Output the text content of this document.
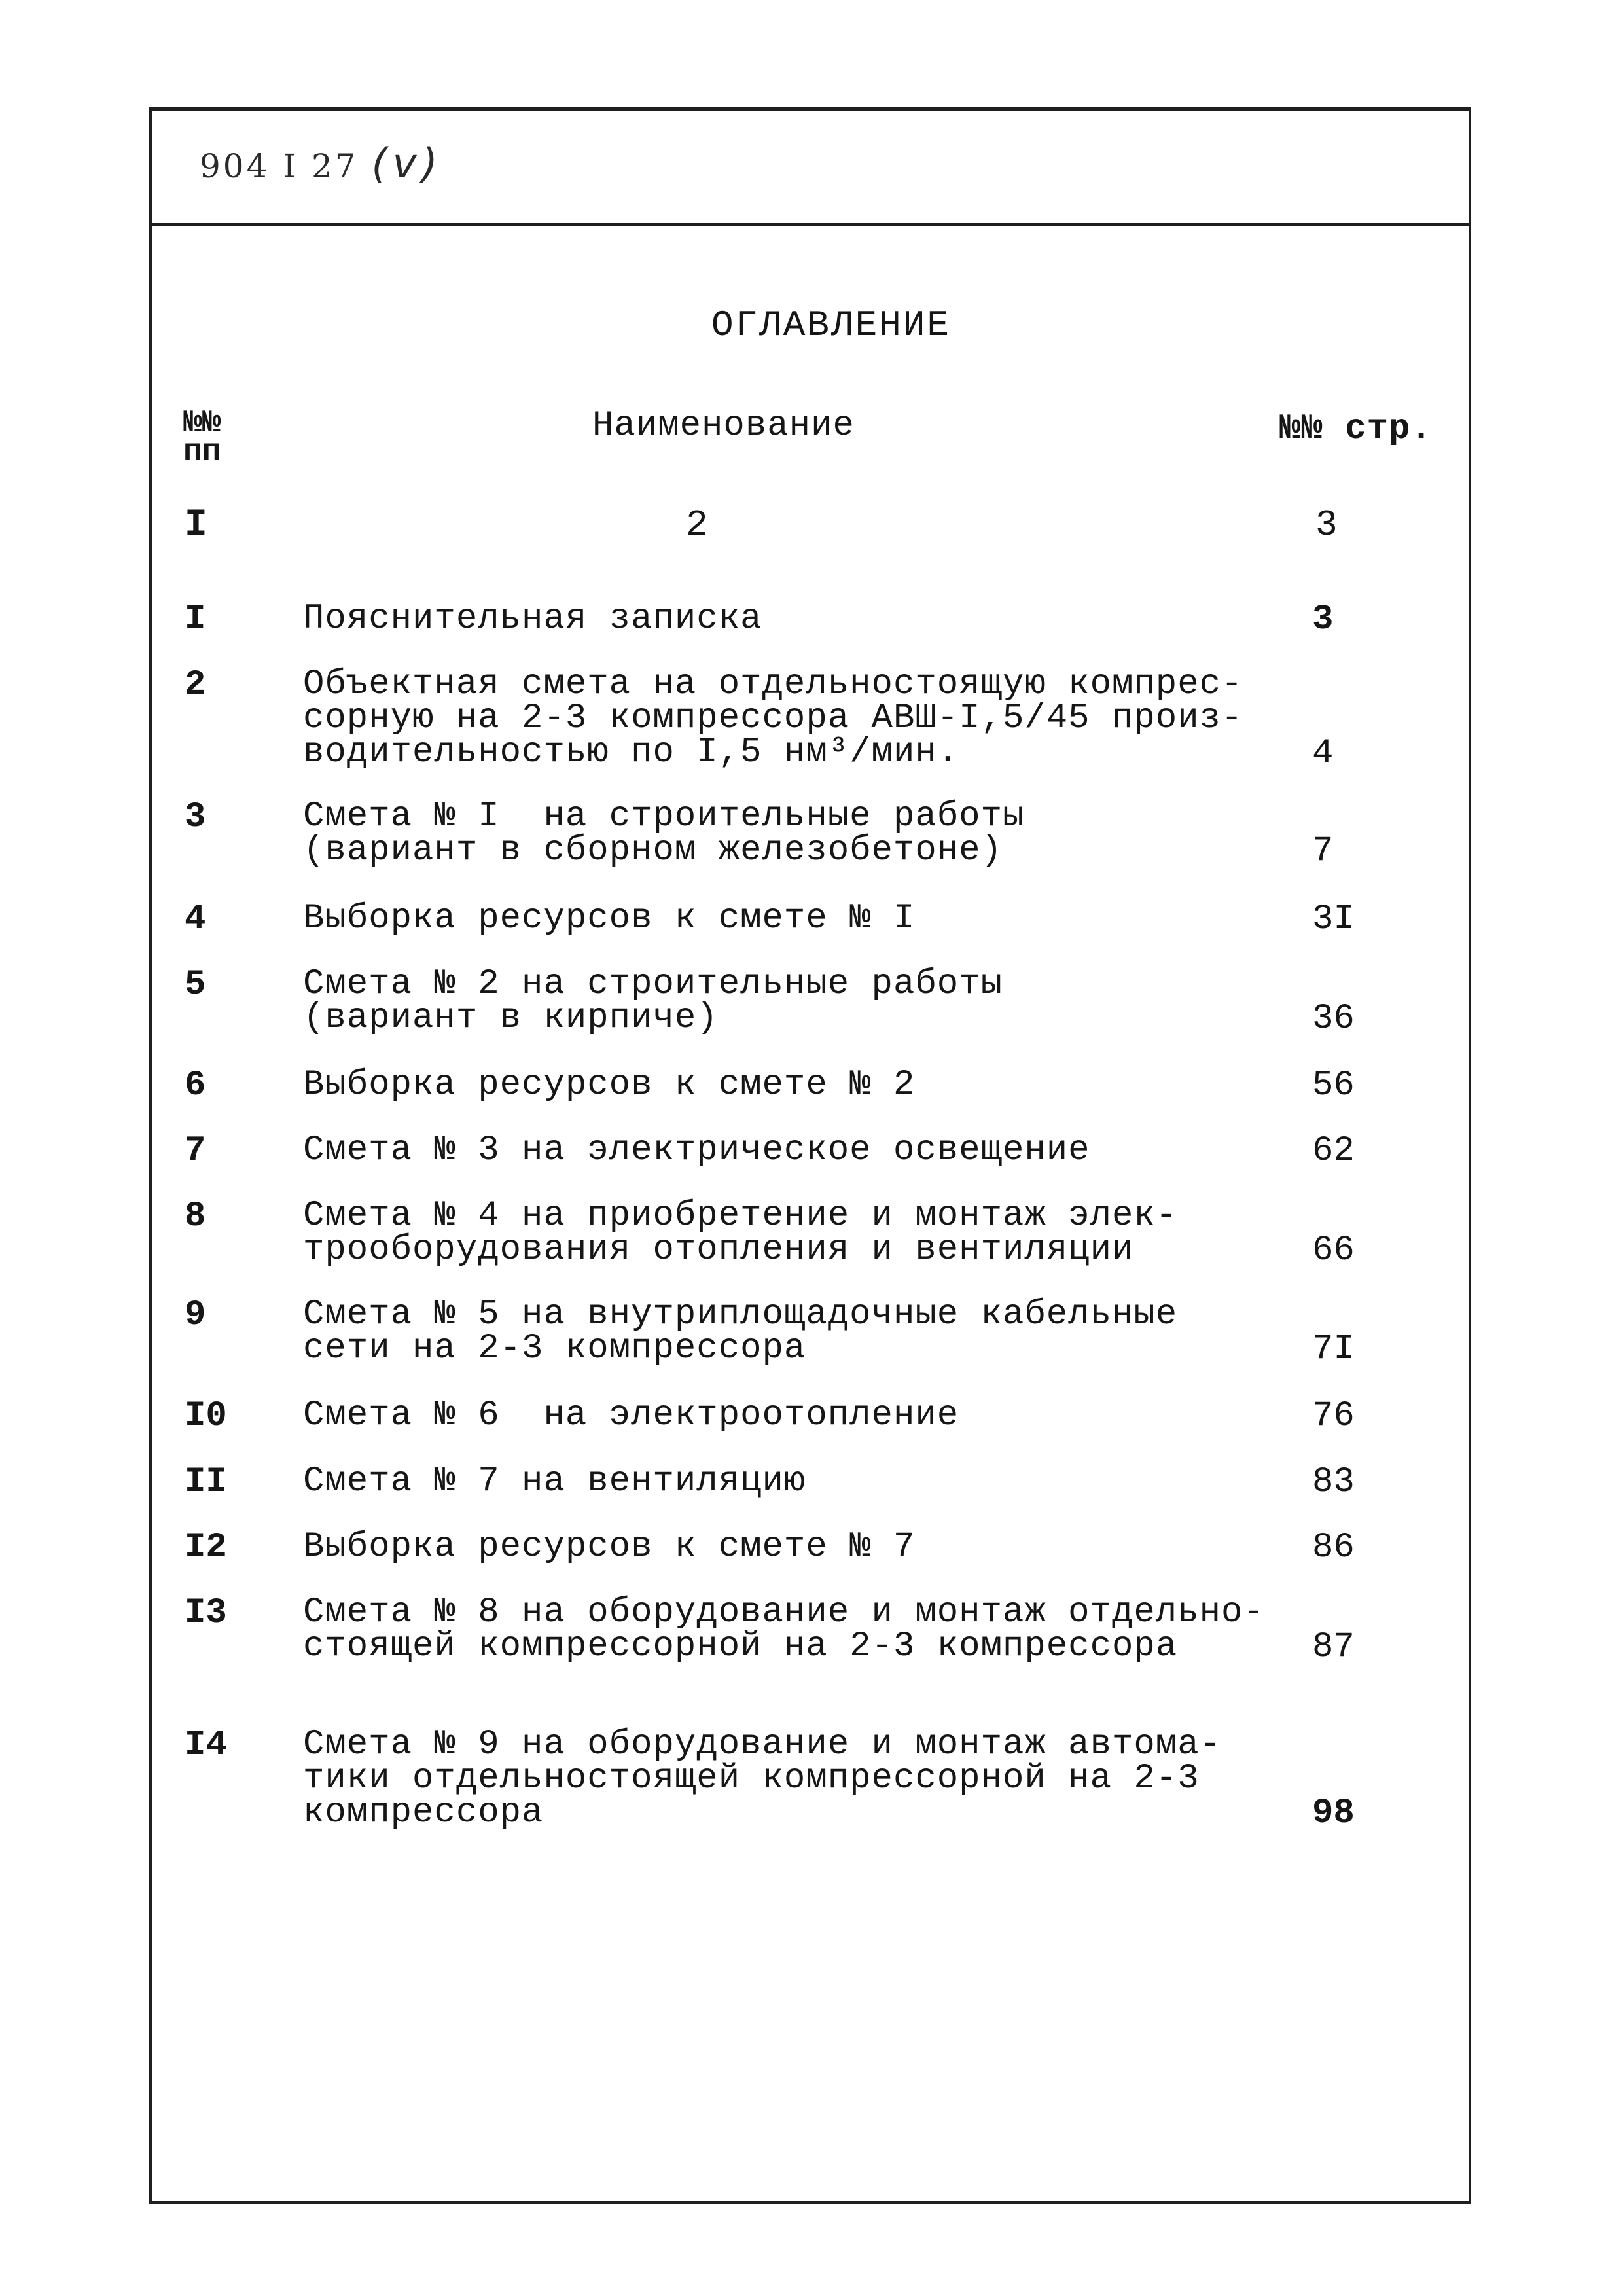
904 I 27 (v)
ОГЛАВЛЕНИЕ
№№
пп
Наименование	№№ стр.
I	2	3
I	Пояснительная записка	3
2	Объектная смета на отдельностоящую компрес-
сорную на 2-3 компрессора АВШ-I,5/45 произ-
водительностью по I,5 нм³/мин.	4
3	Смета № I  на строительные работы
(вариант в сборном железобетоне)	7
4	Выборка ресурсов к смете № I	3I
5	Смета № 2 на строительные работы
(вариант в кирпиче)	36
6	Выборка ресурсов к смете № 2	56
7	Смета № 3 на электрическое освещение	62
8	Смета № 4 на приобретение и монтаж элек-
трооборудования отопления и вентиляции	66
9	Смета № 5 на внутриплощадочные кабельные
сети на 2-3 компрессора	7I
I0 Смета № 6  на электроотопление	76
II Смета № 7 на вентиляцию	83
I2 Выборка ресурсов к смете № 7	86
I3 Смета № 8 на оборудование и монтаж отдельно-
стоящей компрессорной на 2-3 компрессора	87
I4 Смета № 9 на оборудование и монтаж автома-
тики отдельностоящей компрессорной на 2-3
компрессора	98
